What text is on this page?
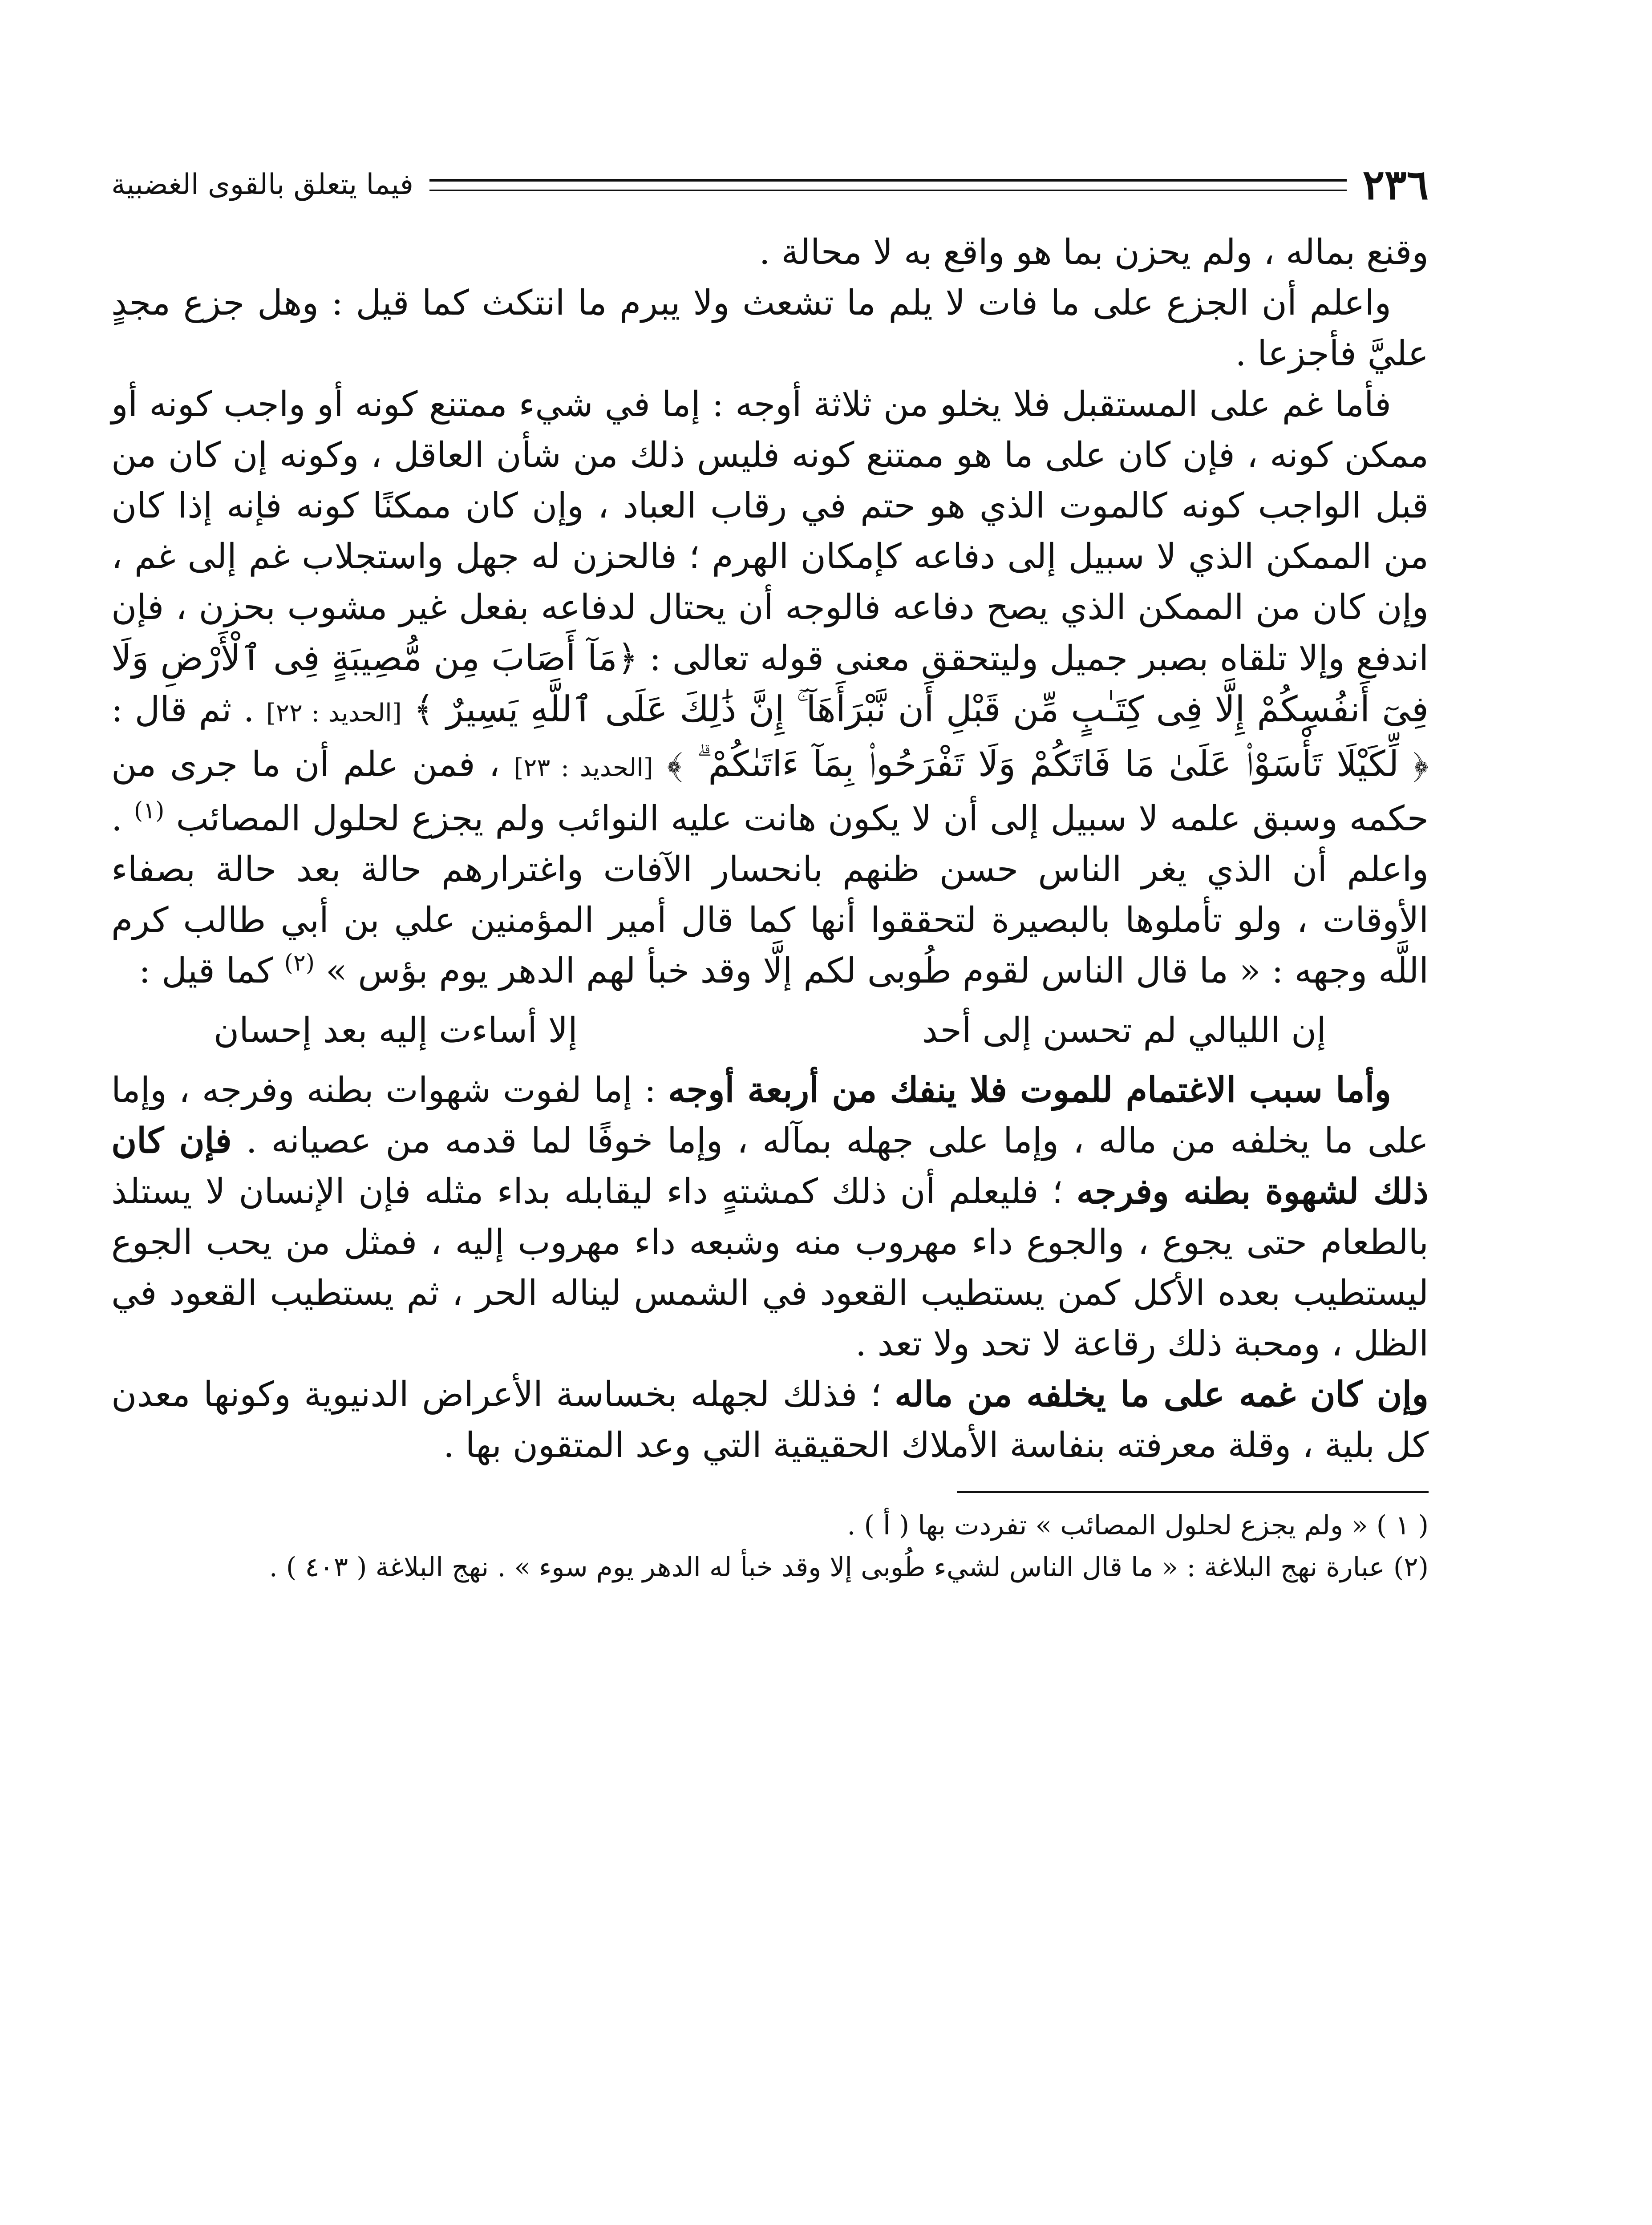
٢٣٦
فيما يتعلق بالقوى الغضبية

وقنع بماله ، ولم يحزن بما هو واقع به لا محالة .

واعلم أن الجزع على ما فات لا يلم ما تشعث ولا يبرم ما انتكث كما قيل : وهل جزع مجدٍ عليَّ فأجزعا .

فأما غم على المستقبل فلا يخلو من ثلاثة أوجه : إما في شيء ممتنع كونه أو واجب كونه أو ممكن كونه ، فإن كان على ما هو ممتنع كونه فليس ذلك من شأن العاقل ، وكونه إن كان من قبل الواجب كونه كالموت الذي هو حتم في رقاب العباد ، وإن كان ممكنًا كونه فإنه إذا كان من الممكن الذي لا سبيل إلى دفاعه كإمكان الهرم ؛ فالحزن له جهل واستجلاب غم إلى غم ، وإن كان من الممكن الذي يصح دفاعه فالوجه أن يحتال لدفاعه بفعل غير مشوب بحزن ، فإن اندفع وإلا تلقاه بصبر جميل وليتحقق معنى قوله تعالى : ﴿مَآ أَصَابَ مِن مُّصِيبَةٍ فِى ٱلْأَرْضِ وَلَا فِىٓ أَنفُسِكُمْ إِلَّا فِى كِتَـٰبٍ مِّن قَبْلِ أَن نَّبْرَأَهَآ ۚ إِنَّ ذَٰلِكَ عَلَى ٱللَّهِ يَسِيرٌ ﴾ [الحديد : ٢٢] . ثم قال : ﴿ لِّكَيْلَا تَأْسَوْا۟ عَلَىٰ مَا فَاتَكُمْ وَلَا تَفْرَحُوا۟ بِمَآ ءَاتَىٰكُمْ ۗ ﴾ [الحديد : ٢٣] ، فمن علم أن ما جرى من حكمه وسبق علمه لا سبيل إلى أن لا يكون هانت عليه النوائب ولم يجزع لحلول المصائب $^{(١)}$ . واعلم أن الذي يغر الناس حسن ظنهم بانحسار الآفات واغترارهم حالة بعد حالة بصفاء الأوقات ، ولو تأملوها بالبصيرة لتحققوا أنها كما قال أمير المؤمنين علي بن أبي طالب كرم اللَّه وجهه : « ما قال الناس لقوم طُوبى لكم إلَّا وقد خبأ لهم الدهر يوم بؤس » $^{(٢)}$ كما قيل :

إن الليالي لم تحسن إلى أحد
إلا أساءت إليه بعد إحسان

وأما سبب الاغتمام للموت فلا ينفك من أربعة أوجه : إما لفوت شهوات بطنه وفرجه ، وإما على ما يخلفه من ماله ، وإما على جهله بمآله ، وإما خوفًا لما قدمه من عصيانه . فإن كان ذلك لشهوة بطنه وفرجه ؛ فليعلم أن ذلك كمشتهٍ داء ليقابله بداء مثله فإن الإنسان لا يستلذ بالطعام حتى يجوع ، والجوع داء مهروب منه وشبعه داء مهروب إليه ، فمثل من يحب الجوع ليستطيب بعده الأكل كمن يستطيب القعود في الشمس ليناله الحر ، ثم يستطيب القعود في الظل ، ومحبة ذلك رقاعة لا تحد ولا تعد .

وإن كان غمه على ما يخلفه من ماله ؛ فذلك لجهله بخساسة الأعراض الدنيوية وكونها معدن كل بلية ، وقلة معرفته بنفاسة الأملاك الحقيقية التي وعد المتقون بها .

( ١ ) « ولم يجزع لحلول المصائب » تفردت بها ( أ ) .

(٢) عبارة نهج البلاغة : « ما قال الناس لشيء طُوبى إلا وقد خبأ له الدهر يوم سوء » . نهج البلاغة ( ٤٠٣ ) .
